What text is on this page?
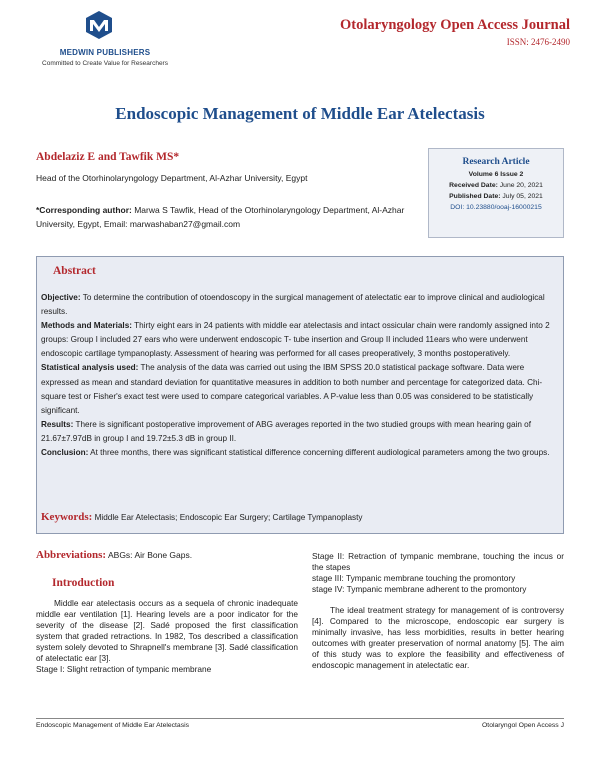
MEDWIN PUBLISHERS
Committed to Create Value for Researchers
Otolaryngology Open Access Journal
ISSN: 2476-2490
Endoscopic Management of Middle Ear Atelectasis
Abdelaziz E and Tawfik MS*
Head of the Otorhinolaryngology Department, Al-Azhar University, Egypt
*Corresponding author: Marwa S Tawfik, Head of the Otorhinolaryngology Department, Al-Azhar University, Egypt, Email: marwashaban27@gmail.com
Research Article
Volume 6 Issue 2
Received Date: June 20, 2021
Published Date: July 05, 2021
DOI: 10.23880/ooaj-16000215
Abstract

Objective: To determine the contribution of otoendoscopy in the surgical management of atelectatic ear to improve clinical and audiological results.

Methods and Materials: Thirty eight ears in 24 patients with middle ear atelectasis and intact ossicular chain were randomly assigned into 2 groups: Group I included 27 ears who were underwent endoscopic T- tube insertion and Group II included 11ears who were underwent endoscopic cartilage tympanoplasty. Assessment of hearing was performed for all cases preoperatively, 3 months postoperatively.

Statistical analysis used: The analysis of the data was carried out using the IBM SPSS 20.0 statistical package software. Data were expressed as mean and standard deviation for quantitative measures in addition to both number and percentage for categorized data. Chi-square test or Fisher's exact test were used to compare categorical variables. A P-value less than 0.05 was considered to be statistically significant.

Results: There is significant postoperative improvement of ABG averages reported in the two studied groups with mean hearing gain of 21.67±7.97dB in group I and 19.72±5.3 dB in group II.

Conclusion: At three months, there was significant statistical difference concerning different audiological parameters among the two groups.

Keywords: Middle Ear Atelectasis; Endoscopic Ear Surgery; Cartilage Tympanoplasty
Abbreviations: ABGs: Air Bone Gaps.
Introduction

Middle ear atelectasis occurs as a sequela of chronic inadequate middle ear ventilation [1]. Hearing levels are a poor indicator for the severity of the disease [2]. Sadé proposed the first classification system that graded retractions. In 1982, Tos described a classification system solely devoted to Shrapnell's membrane [3]. Sadé classification of atelectatic ear [3].

Stage I: Slight retraction of tympanic membrane

Stage II: Retraction of tympanic membrane, touching the incus or the stapes

stage III: Tympanic membrane touching the promontory

stage IV: Tympanic membrane adherent to the promontory

The ideal treatment strategy for management of is controversy [4]. Compared to the microscope, endoscopic ear surgery is minimally invasive, has less morbidities, results in better hearing outcomes with greater preservation of normal anatomy [5]. The aim of this study was to explore the feasibility and effectiveness of endoscopic management in atelectatic ear.

Endoscopic Management of Middle Ear Atelectasis	Otolaryngol Open Access J
